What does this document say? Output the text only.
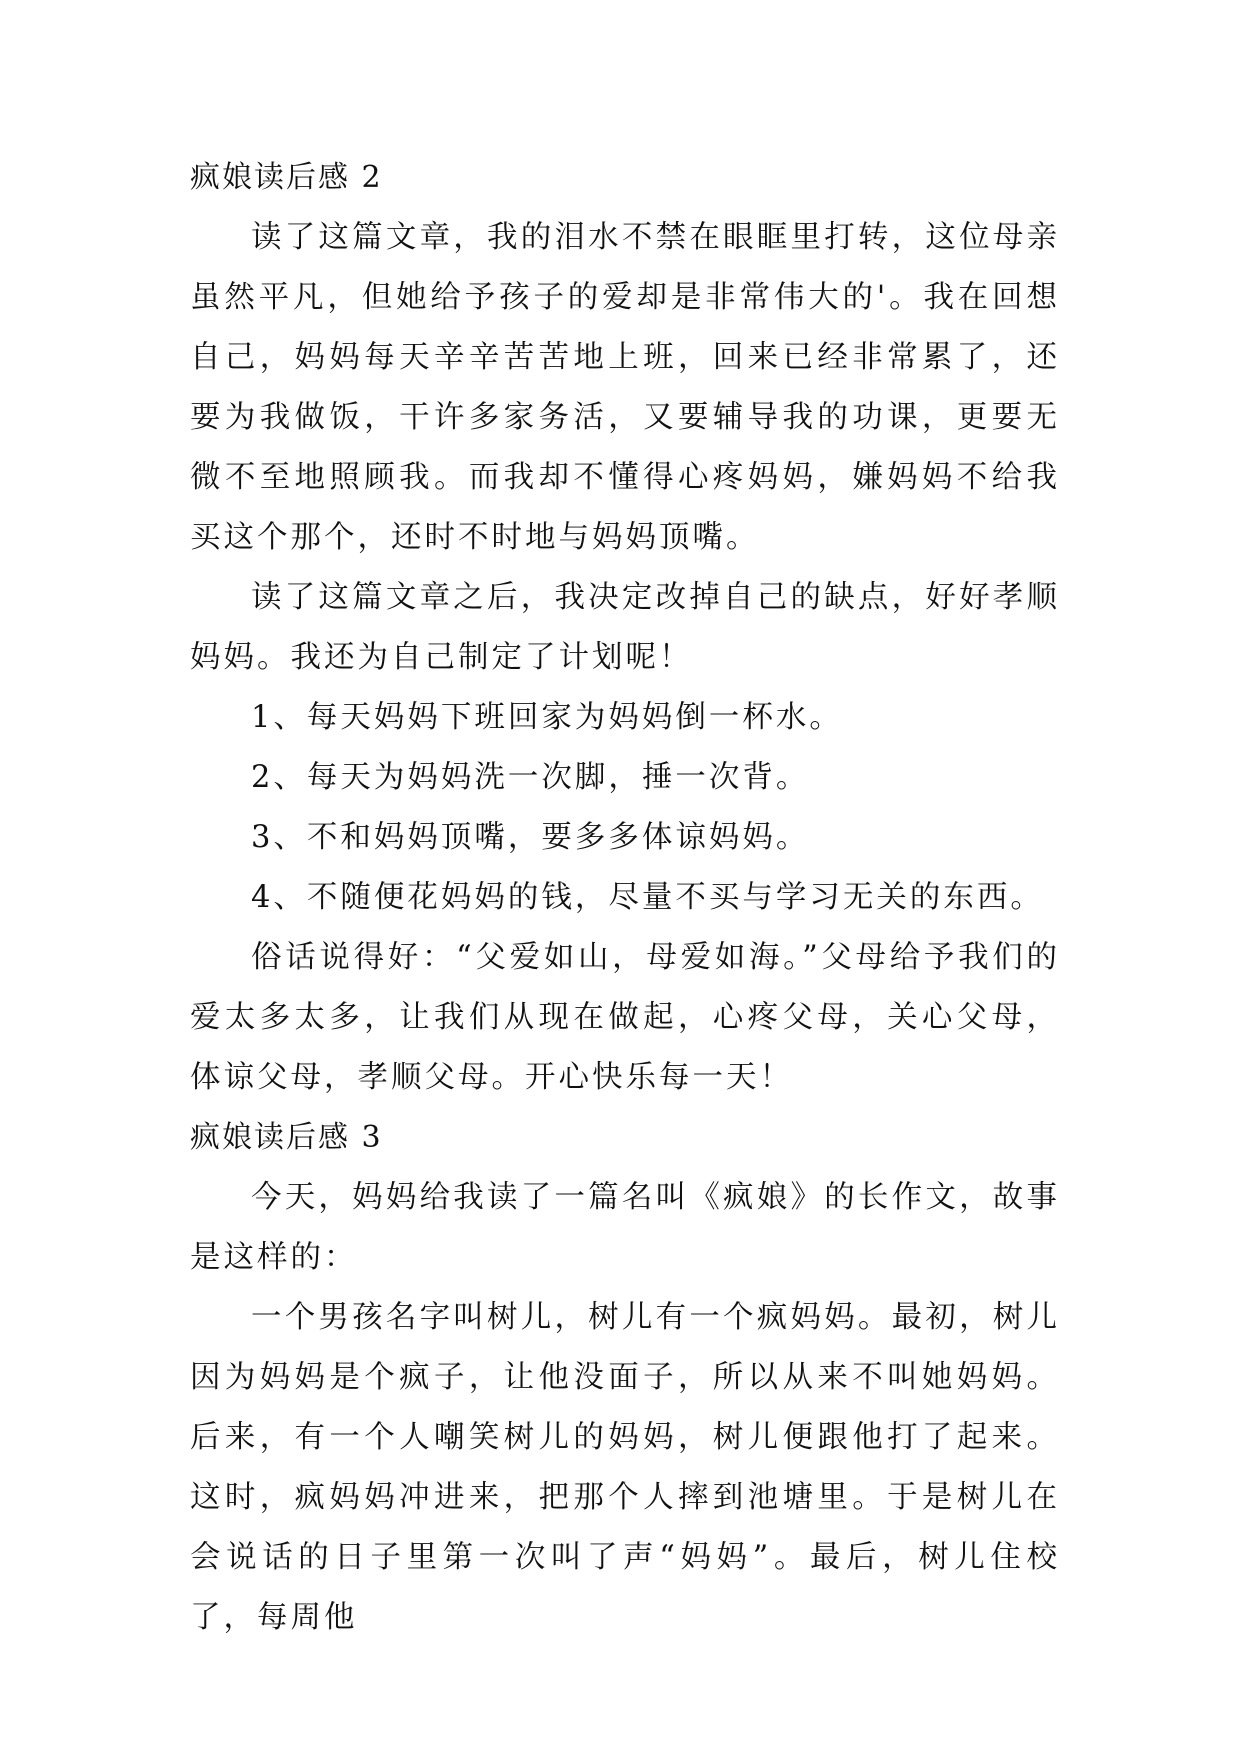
疯娘读后感 2

读了这篇文章，我的泪水不禁在眼眶里打转，这位母亲虽然平凡，但她给予孩子的爱却是非常伟大的'。我在回想自己，妈妈每天辛辛苦苦地上班，回来已经非常累了，还要为我做饭，干许多家务活，又要辅导我的功课，更要无微不至地照顾我。而我却不懂得心疼妈妈，嫌妈妈不给我买这个那个，还时不时地与妈妈顶嘴。

读了这篇文章之后，我决定改掉自己的缺点，好好孝顺妈妈。我还为自己制定了计划呢！

1、每天妈妈下班回家为妈妈倒一杯水。

2、每天为妈妈洗一次脚，捶一次背。

3、不和妈妈顶嘴，要多多体谅妈妈。

4、不随便花妈妈的钱，尽量不买与学习无关的东西。

俗话说得好：“父爱如山，母爱如海。”父母给予我们的爱太多太多，让我们从现在做起，心疼父母，关心父母，体谅父母，孝顺父母。开心快乐每一天！

疯娘读后感 3

今天，妈妈给我读了一篇名叫《疯娘》的长作文，故事是这样的：

一个男孩名字叫树儿，树儿有一个疯妈妈。最初，树儿因为妈妈是个疯子，让他没面子，所以从来不叫她妈妈。后来，有一个人嘲笑树儿的妈妈，树儿便跟他打了起来。这时，疯妈妈冲进来，把那个人摔到池塘里。于是树儿在会说话的日子里第一次叫了声“妈妈”。最后，树儿住校了，每周他
